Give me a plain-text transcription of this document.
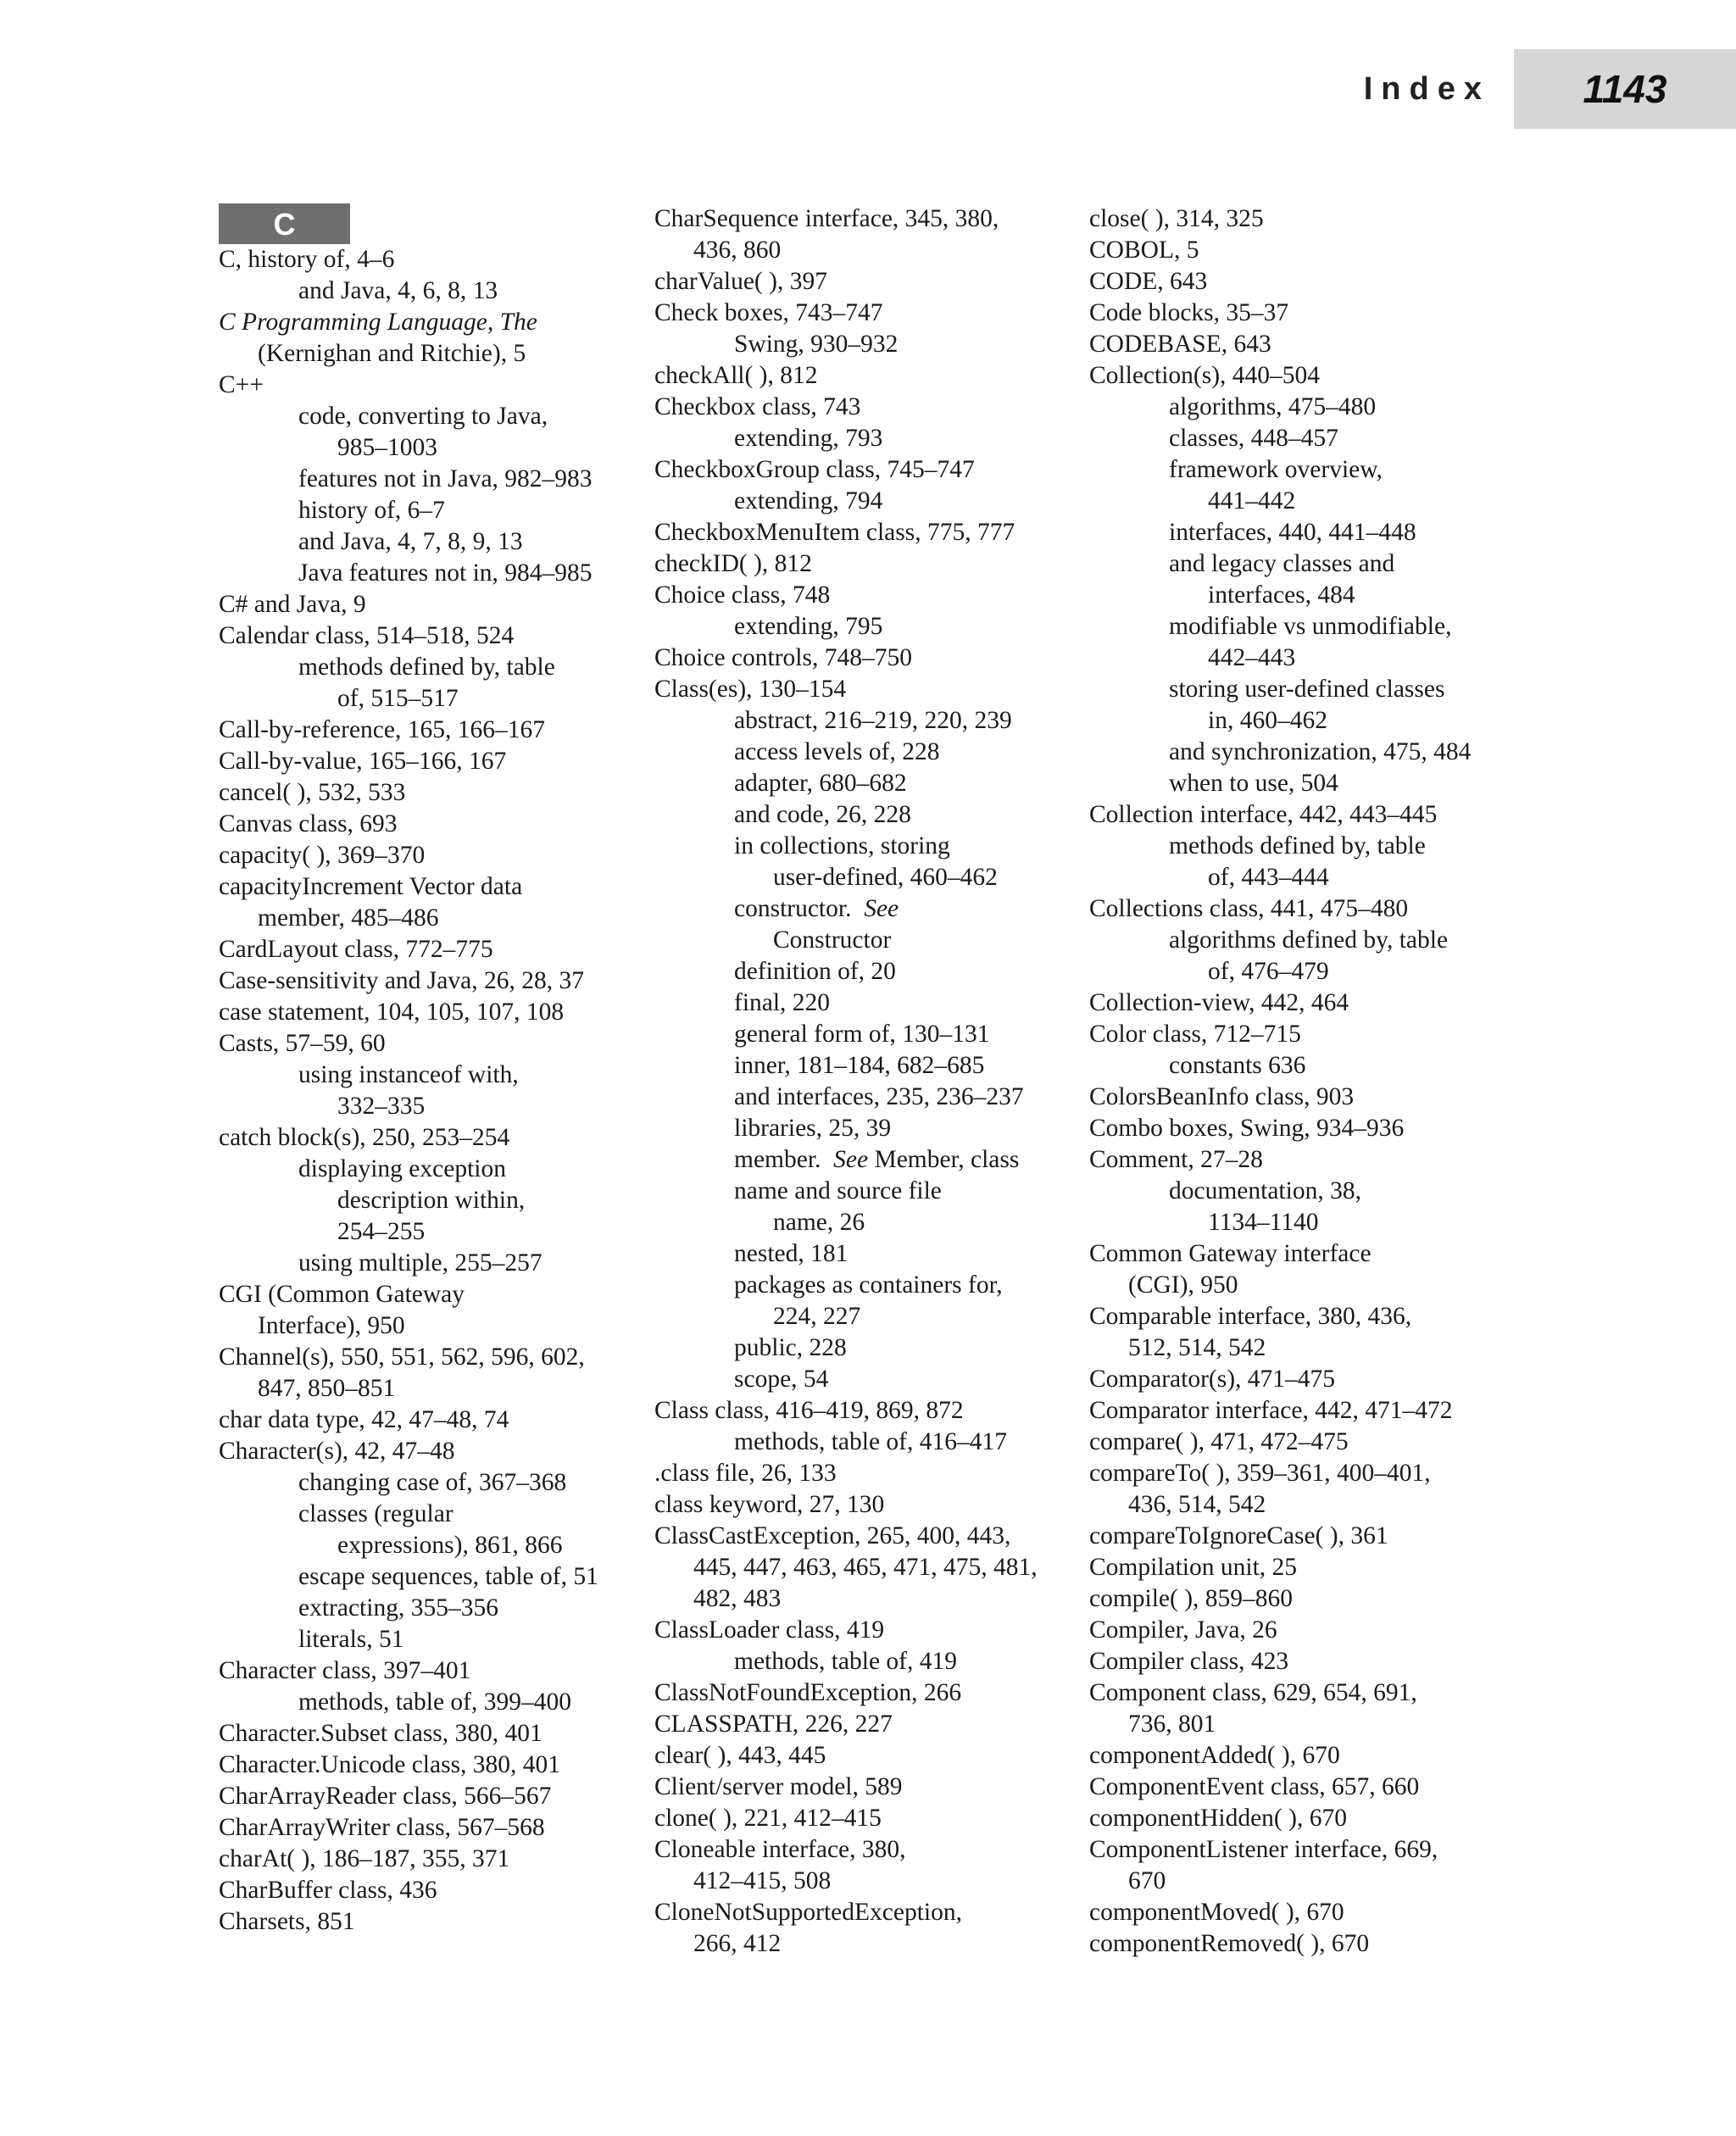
Index 1143
C
C, history of, 4–6
and Java, 4, 6, 8, 13
C Programming Language, The
(Kernighan and Ritchie), 5
C++
code, converting to Java,
985–1003
features not in Java, 982–983
history of, 6–7
and Java, 4, 7, 8, 9, 13
Java features not in, 984–985
C# and Java, 9
Calendar class, 514–518, 524
methods defined by, table
of, 515–517
Call-by-reference, 165, 166–167
Call-by-value, 165–166, 167
cancel( ), 532, 533
Canvas class, 693
capacity( ), 369–370
capacityIncrement Vector data
member, 485–486
CardLayout class, 772–775
Case-sensitivity and Java, 26, 28, 37
case statement, 104, 105, 107, 108
Casts, 57–59, 60
using instanceof with,
332–335
catch block(s), 250, 253–254
displaying exception
description within,
254–255
using multiple, 255–257
CGI (Common Gateway
Interface), 950
Channel(s), 550, 551, 562, 596, 602,
847, 850–851
char data type, 42, 47–48, 74
Character(s), 42, 47–48
changing case of, 367–368
classes (regular
expressions), 861, 866
escape sequences, table of, 51
extracting, 355–356
literals, 51
Character class, 397–401
methods, table of, 399–400
Character.Subset class, 380, 401
Character.Unicode class, 380, 401
CharArrayReader class, 566–567
CharArrayWriter class, 567–568
charAt( ), 186–187, 355, 371
CharBuffer class, 436
Charsets, 851
CharSequence interface, 345, 380,
436, 860
charValue( ), 397
Check boxes, 743–747
Swing, 930–932
checkAll( ), 812
Checkbox class, 743
extending, 793
CheckboxGroup class, 745–747
extending, 794
CheckboxMenuItem class, 775, 777
checkID( ), 812
Choice class, 748
extending, 795
Choice controls, 748–750
Class(es), 130–154
abstract, 216–219, 220, 239
access levels of, 228
adapter, 680–682
and code, 26, 228
in collections, storing
user-defined, 460–462
constructor. See
Constructor
definition of, 20
final, 220
general form of, 130–131
inner, 181–184, 682–685
and interfaces, 235, 236–237
libraries, 25, 39
member. See Member, class
name and source file
name, 26
nested, 181
packages as containers for,
224, 227
public, 228
scope, 54
Class class, 416–419, 869, 872
methods, table of, 416–417
.class file, 26, 133
class keyword, 27, 130
ClassCastException, 265, 400, 443,
445, 447, 463, 465, 471, 475, 481,
482, 483
ClassLoader class, 419
methods, table of, 419
ClassNotFoundException, 266
CLASSPATH, 226, 227
clear( ), 443, 445
Client/server model, 589
clone( ), 221, 412–415
Cloneable interface, 380,
412–415, 508
CloneNotSupportedException,
266, 412
close( ), 314, 325
COBOL, 5
CODE, 643
Code blocks, 35–37
CODEBASE, 643
Collection(s), 440–504
algorithms, 475–480
classes, 448–457
framework overview,
441–442
interfaces, 440, 441–448
and legacy classes and
interfaces, 484
modifiable vs unmodifiable,
442–443
storing user-defined classes
in, 460–462
and synchronization, 475, 484
when to use, 504
Collection interface, 442, 443–445
methods defined by, table
of, 443–444
Collections class, 441, 475–480
algorithms defined by, table
of, 476–479
Collection-view, 442, 464
Color class, 712–715
constants 636
ColorsBeanInfo class, 903
Combo boxes, Swing, 934–936
Comment, 27–28
documentation, 38,
1134–1140
Common Gateway interface
(CGI), 950
Comparable interface, 380, 436,
512, 514, 542
Comparator(s), 471–475
Comparator interface, 442, 471–472
compare( ), 471, 472–475
compareTo( ), 359–361, 400–401,
436, 514, 542
compareToIgnoreCase( ), 361
Compilation unit, 25
compile( ), 859–860
Compiler, Java, 26
Compiler class, 423
Component class, 629, 654, 691,
736, 801
componentAdded( ), 670
ComponentEvent class, 657, 660
componentHidden( ), 670
ComponentListener interface, 669,
670
componentMoved( ), 670
componentRemoved( ), 670
